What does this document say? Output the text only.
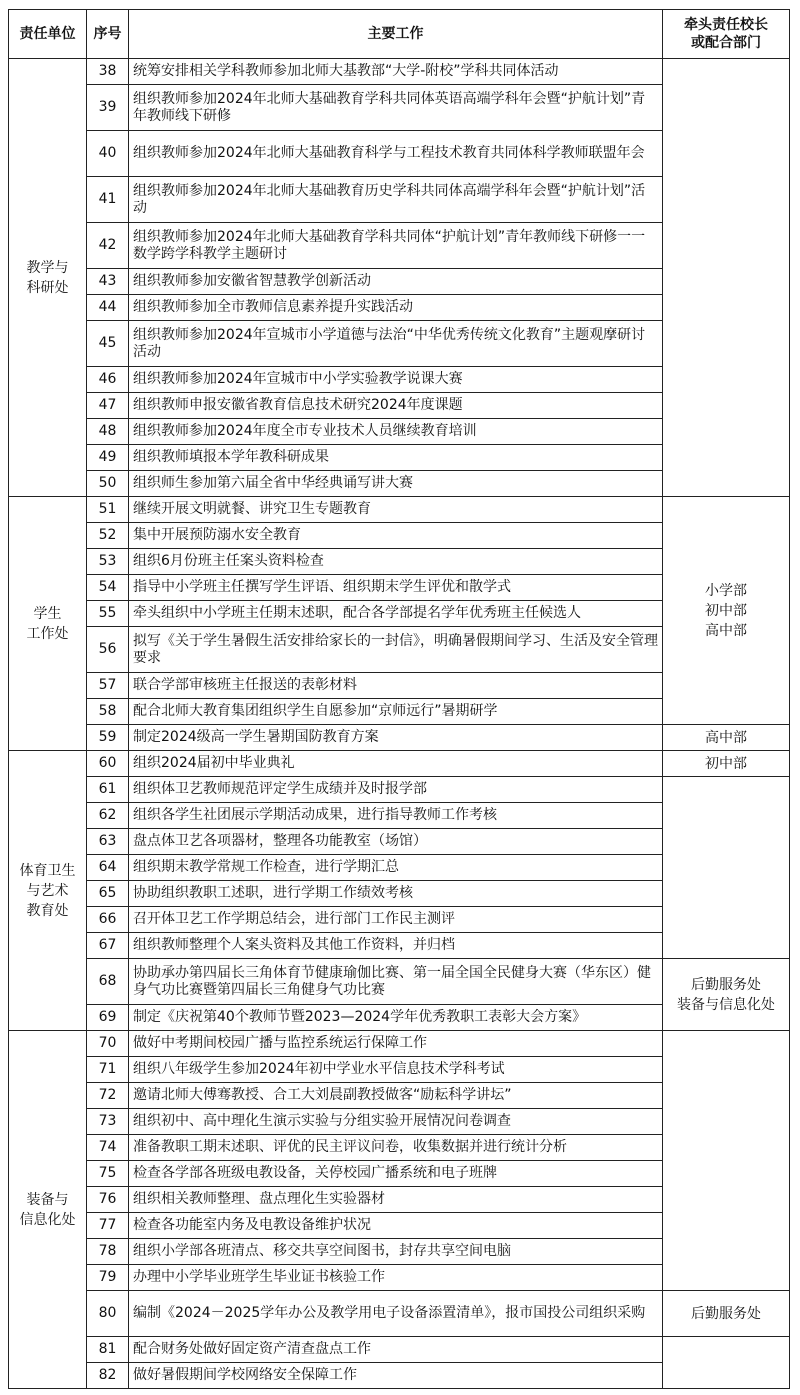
责任单位	序号	主要工作	牵头责任校长
或配合部门

教学与
科研处	38	统筹安排相关学科教师参加北师大基教部“大学-附校”学科共同体活动	
	39	组织教师参加2024年北师大基础教育学科共同体英语高端学科年会暨“护航计划”青年教师线下研修	
	40	组织教师参加2024年北师大基础教育科学与工程技术教育共同体科学教师联盟年会	
	41	组织教师参加2024年北师大基础教育历史学科共同体高端学科年会暨“护航计划”活动	
	42	组织教师参加2024年北师大基础教育学科共同体“护航计划”青年教师线下研修一一数学跨学科教学主题研讨	
	43	组织教师参加安徽省智慧教学创新活动	
	44	组织教师参加全市教师信息素养提升实践活动	
	45	组织教师参加2024年宣城市小学道德与法治“中华优秀传统文化教育”主题观摩研讨活动	
	46	组织教师参加2024年宣城市中小学实验教学说课大赛	
	47	组织教师申报安徽省教育信息技术研究2024年度课题	
	48	组织教师参加2024年度全市专业技术人员继续教育培训	
	49	组织教师填报本学年教科研成果	
	50	组织师生参加第六届全省中华经典诵写讲大赛	

学生
工作处	51	继续开展文明就餐、讲究卫生专题教育	小学部
初中部
高中部

	52	集中开展预防溺水安全教育	
	53	组织6月份班主任案头资料检查	
	54	指导中小学班主任撰写学生评语、组织期末学生评优和散学式	
	55	牵头组织中小学班主任期末述职，配合各学部提名学年优秀班主任候选人	
	56	拟写《关于学生暑假生活安排给家长的一封信》，明确暑假期间学习、生活及安全管理要求	
	57	联合学部审核班主任报送的表彰材料	
	58	配合北师大教育集团组织学生自愿参加“京师远行”暑期研学	
	59	制定2024级高一学生暑期国防教育方案	高中部

体育卫生
与艺术
教育处	60	组织2024届初中毕业典礼	初中部

	61	组织体卫艺教师规范评定学生成绩并及时报学部	
	62	组织各学生社团展示学期活动成果，进行指导教师工作考核	
	63	盘点体卫艺各项器材，整理各功能教室（场馆）	
	64	组织期末教学常规工作检查，进行学期汇总	
	65	协助组织教职工述职，进行学期工作绩效考核	
	66	召开体卫艺工作学期总结会，进行部门工作民主测评	
	67	组织教师整理个人案头资料及其他工作资料，并归档	
	68	协助承办第四届长三角体育节健康瑜伽比赛、第一届全国全民健身大赛（华东区）健身气功比赛暨第四届长三角健身气功比赛	后勤服务处
装备与信息化处

	69	制定《庆祝第40个教师节暨2023—2024学年优秀教职工表彰大会方案》	

装备与
信息化处	70	做好中考期间校园广播与监控系统运行保障工作	
	71	组织八年级学生参加2024年初中学业水平信息技术学科考试	
	72	邀请北师大傅骞教授、合工大刘晨副教授做客“励耘科学讲坛”	
	73	组织初中、高中理化生演示实验与分组实验开展情况问卷调查	
	74	准备教职工期末述职、评优的民主评议问卷，收集数据并进行统计分析	
	75	检查各学部各班级电教设备，关停校园广播系统和电子班牌	
	76	组织相关教师整理、盘点理化生实验器材	
	77	检查各功能室内务及电教设备维护状况	
	78	组织小学部各班清点、移交共享空间图书，封存共享空间电脑	
	79	办理中小学毕业班学生毕业证书核验工作	
	80	编制《2024－2025学年办公及教学用电子设备添置清单》，报市国投公司组织采购	后勤服务处

	81	配合财务处做好固定资产清查盘点工作	
	82	做好暑假期间学校网络安全保障工作	
